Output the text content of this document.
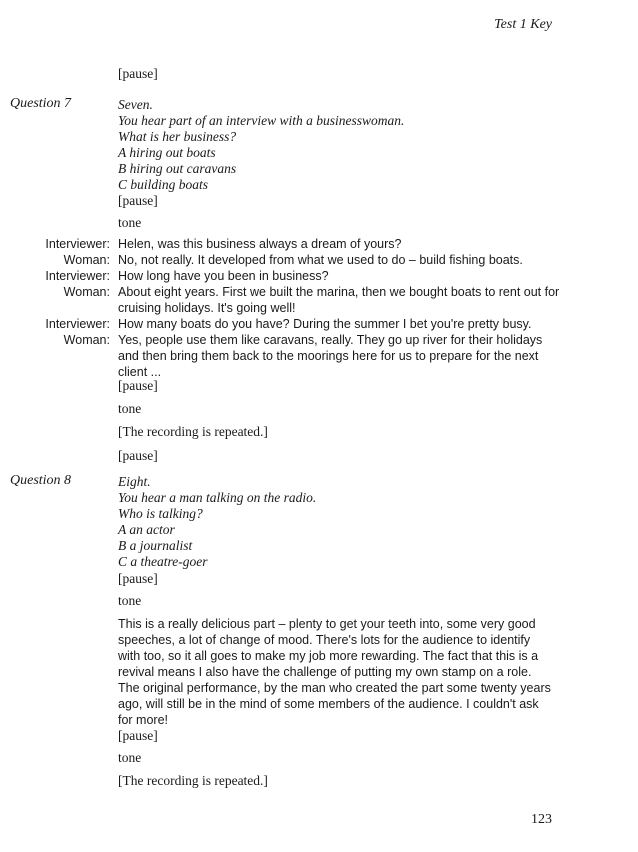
Test 1 Key

[pause]

Question 7	Seven.

You hear part of an interview with a businesswoman.

What is her business?

A hiring out boats

B hiring out caravans

C building boats

[pause]

tone

Interviewer: Helen, was this business always a dream of yours?
Woman: No, not really. It developed from what we used to do – build fishing boats.
Interviewer: How long have you been in business?
Woman: About eight years. First we built the marina, then we bought boats to rent out for cruising holidays. It's going well!
Interviewer: How many boats do you have? During the summer I bet you're pretty busy.
Woman: Yes, people use them like caravans, really. They go up river for their holidays and then bring them back to the moorings here for us to prepare for the next client ...

[pause]

tone

[The recording is repeated.]

[pause]

Question 8	Eight.

You hear a man talking on the radio.

Who is talking?

A an actor

B a journalist

C a theatre-goer

[pause]

tone

This is a really delicious part – plenty to get your teeth into, some very good speeches, a lot of change of mood. There's lots for the audience to identify with too, so it all goes to make my job more rewarding. The fact that this is a revival means I also have the challenge of putting my own stamp on a role. The original performance, by the man who created the part some twenty years ago, will still be in the mind of some members of the audience. I couldn't ask for more!

[pause]

tone

[The recording is repeated.]

123
